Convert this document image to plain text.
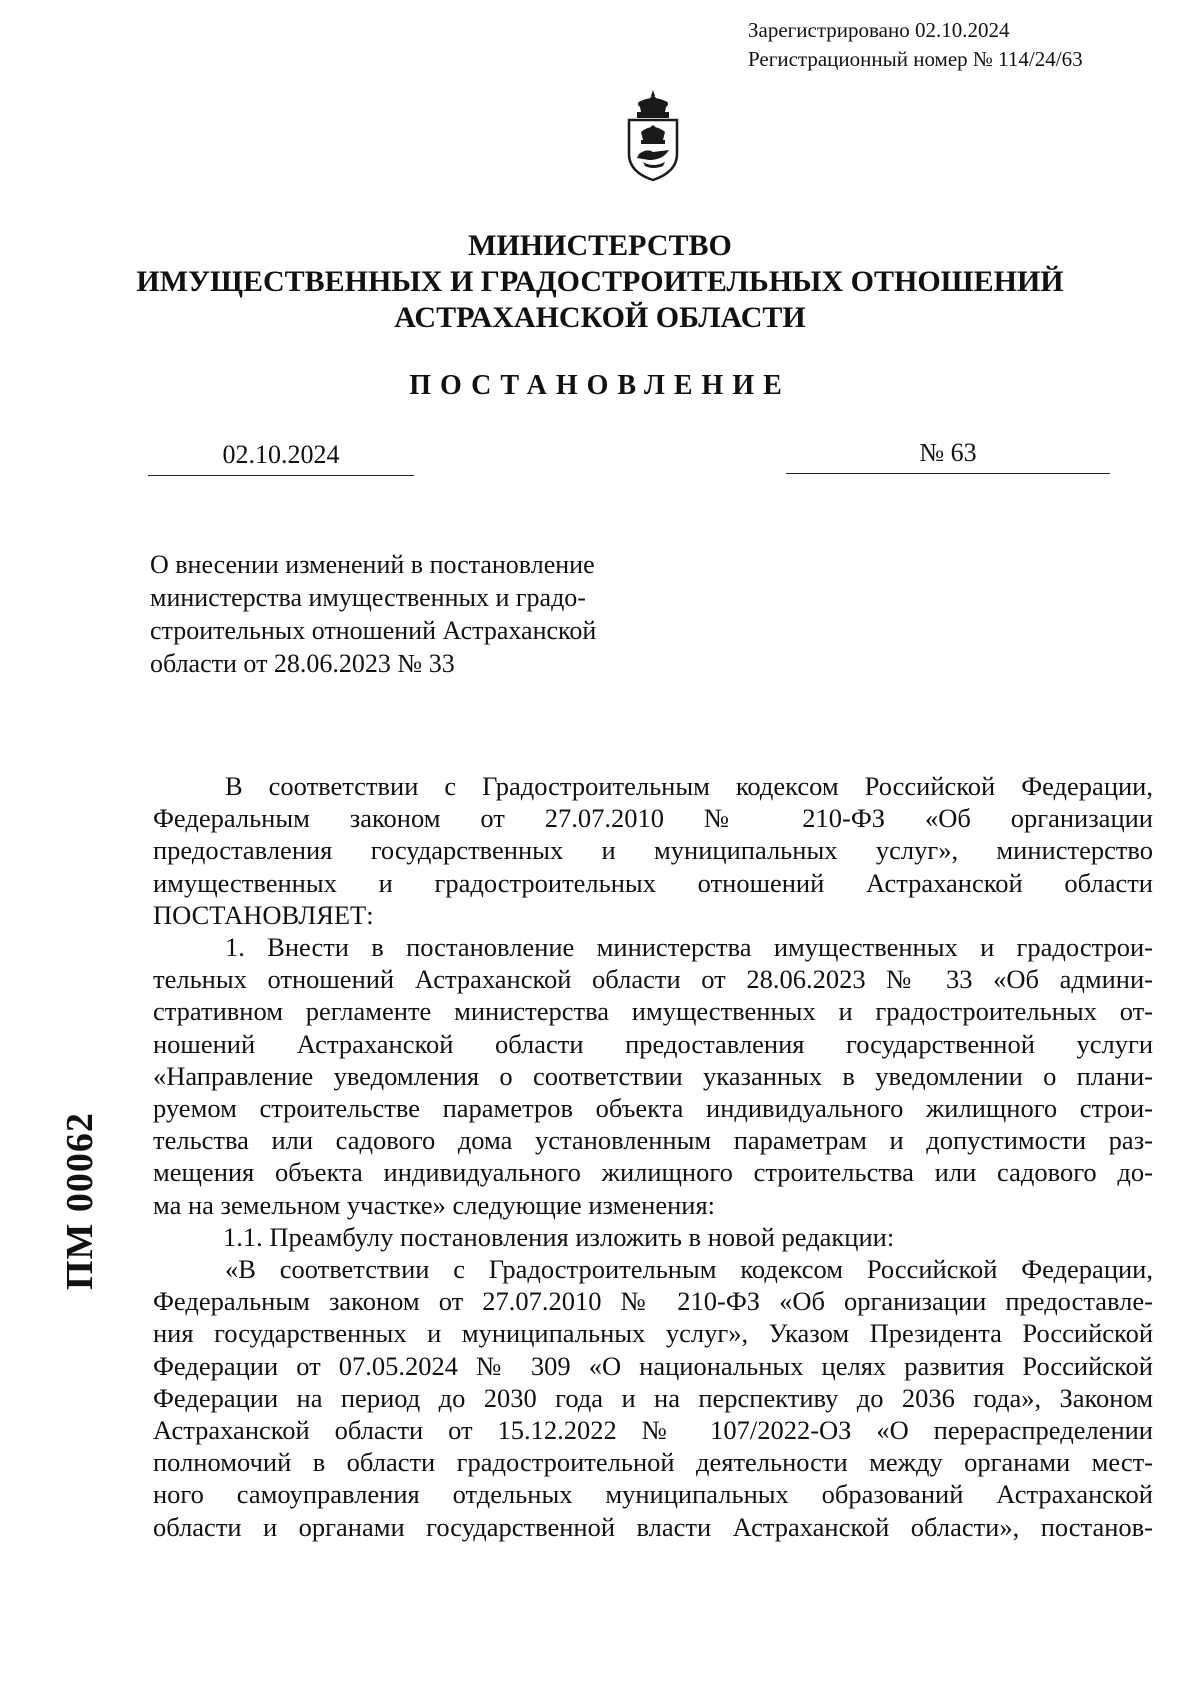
Зарегистрировано 02.10.2024
Регистрационный номер № 114/24/63
МИНИСТЕРСТВО
ИМУЩЕСТВЕННЫХ И ГРАДОСТРОИТЕЛЬНЫХ ОТНОШЕНИЙ
АСТРАХАНСКОЙ ОБЛАСТИ
ПОСТАНОВЛЕНИЕ
02.10.2024	№ 63
О внесении изменений в постановление
министерства имущественных и градо-
строительных отношений Астраханской
области от 28.06.2023 № 33

В соответствии с Градостроительным кодексом Российской Федерации,

Федеральным законом от 27.07.2010 № 210-ФЗ «Об организации

предоставления государственных и муниципальных услуг», министерство

имущественных и градостроительных отношений Астраханской области

ПОСТАНОВЛЯЕТ:

1. Внести в постановление министерства имущественных и градострои-

тельных отношений Астраханской области от 28.06.2023 № 33 «Об админи-

стративном регламенте министерства имущественных и градостроительных от-

ношений Астраханской области предоставления государственной услуги

«Направление уведомления о соответствии указанных в уведомлении о плани-

руемом строительстве параметров объекта индивидуального жилищного строи-

тельства или садового дома установленным параметрам и допустимости раз-

мещения объекта индивидуального жилищного строительства или садового до-

ма на земельном участке» следующие изменения:

1.1. Преамбулу постановления изложить в новой редакции:

«В соответствии с Градостроительным кодексом Российской Федерации,

Федеральным законом от 27.07.2010 № 210-ФЗ «Об организации предоставле-

ния государственных и муниципальных услуг», Указом Президента Российской

Федерации от 07.05.2024 № 309 «О национальных целях развития Российской

Федерации на период до 2030 года и на перспективу до 2036 года», Законом

Астраханской области от 15.12.2022 № 107/2022-ОЗ «О перераспределении

полномочий в области градостроительной деятельности между органами мест-

ного самоуправления отдельных муниципальных образований Астраханской

области и органами государственной власти Астраханской области», постанов-

ПМ 00062
